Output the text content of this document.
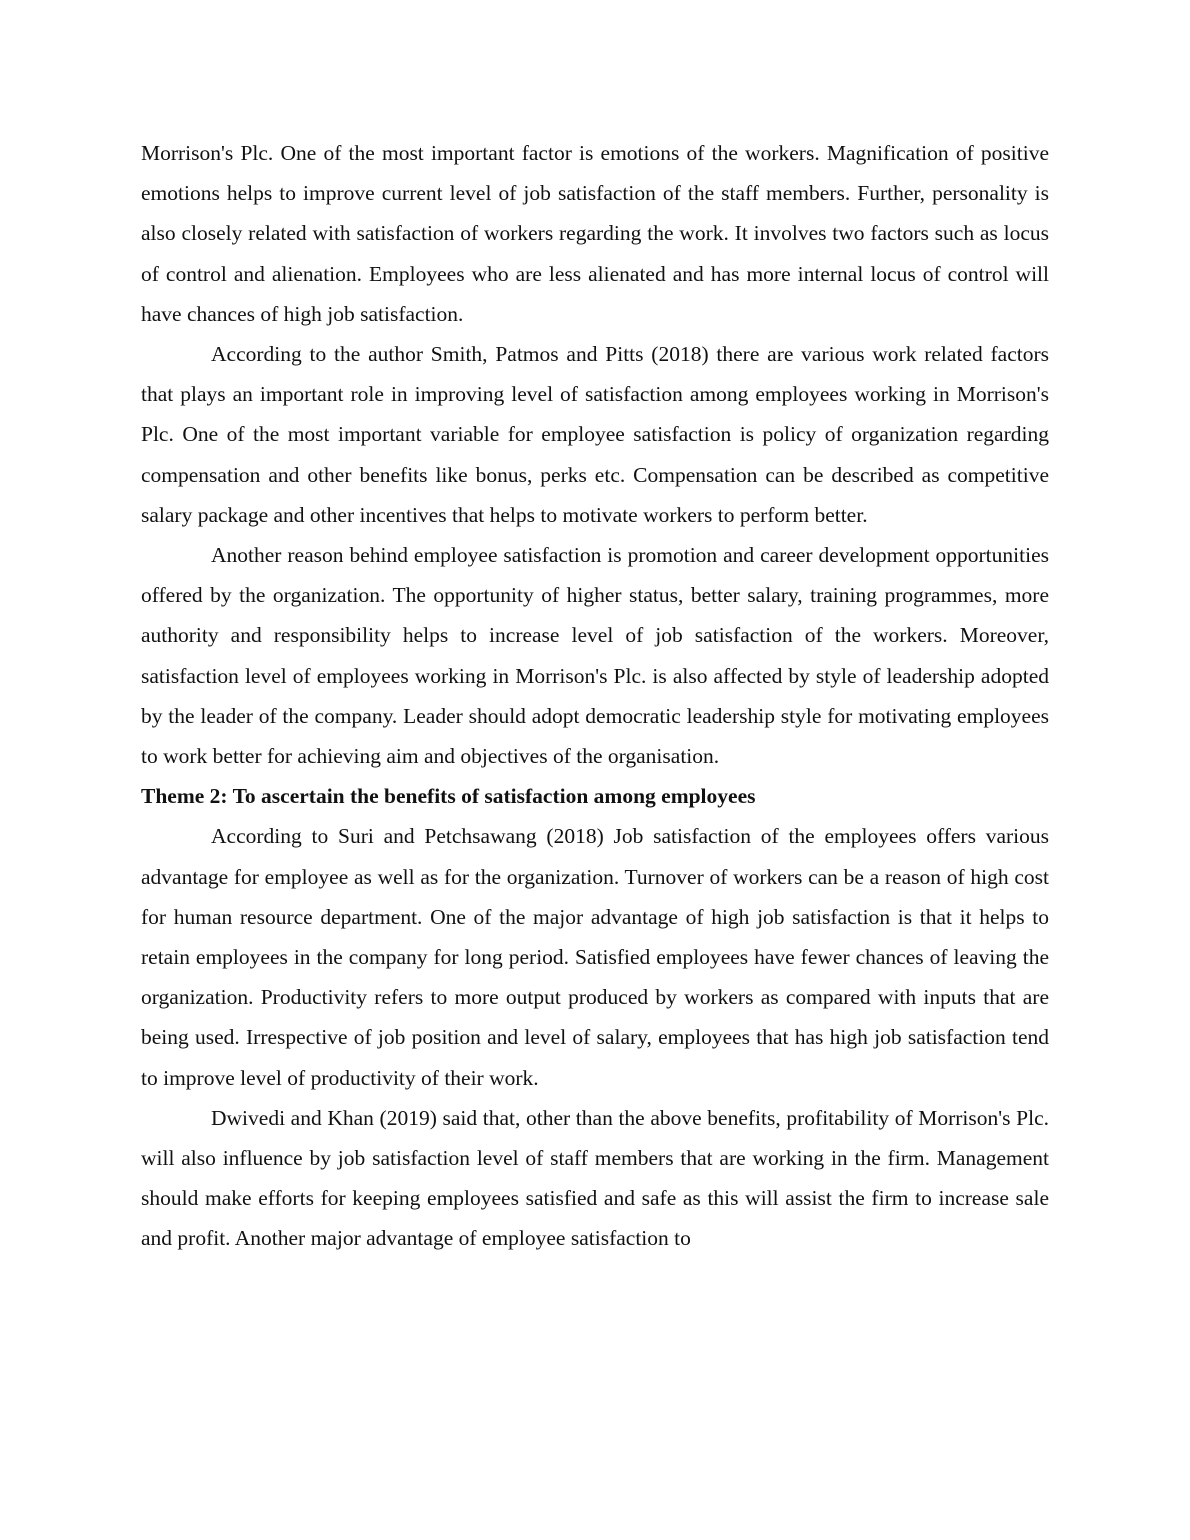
Morrison's Plc. One of the most important factor is emotions of the workers. Magnification of positive emotions helps to improve current level of job satisfaction of the staff members. Further, personality is also closely related with satisfaction of workers regarding the work. It involves two factors such as locus of control and alienation. Employees who are less alienated and has more internal locus of control will have chances of high job satisfaction.

According to the author Smith, Patmos and Pitts (2018) there are various work related factors that plays an important role in improving level of satisfaction among employees working in Morrison's Plc. One of the most important variable for employee satisfaction is policy of organization regarding compensation and other benefits like bonus, perks etc. Compensation can be described as competitive salary package and other incentives that helps to motivate workers to perform better.

Another reason behind employee satisfaction is promotion and career development opportunities offered by the organization. The opportunity of higher status, better salary, training programmes, more authority and responsibility helps to increase level of job satisfaction of the workers. Moreover, satisfaction level of employees working in Morrison's Plc. is also affected by style of leadership adopted by the leader of the company. Leader should adopt democratic leadership style for motivating employees to work better for achieving aim and objectives of the organisation.

Theme 2: To ascertain the benefits of satisfaction among employees

According to Suri and Petchsawang (2018) Job satisfaction of the employees offers various advantage for employee as well as for the organization. Turnover of workers can be a reason of high cost for human resource department. One of the major advantage of high job satisfaction is that it helps to retain employees in the company for long period. Satisfied employees have fewer chances of leaving the organization. Productivity refers to more output produced by workers as compared with inputs that are being used. Irrespective of job position and level of salary, employees that has high job satisfaction tend to improve level of productivity of their work.

Dwivedi and Khan (2019) said that, other than the above benefits, profitability of Morrison's Plc. will also influence by job satisfaction level of staff members that are working in the firm. Management should make efforts for keeping employees satisfied and safe as this will assist the firm to increase sale and profit. Another major advantage of employee satisfaction to
